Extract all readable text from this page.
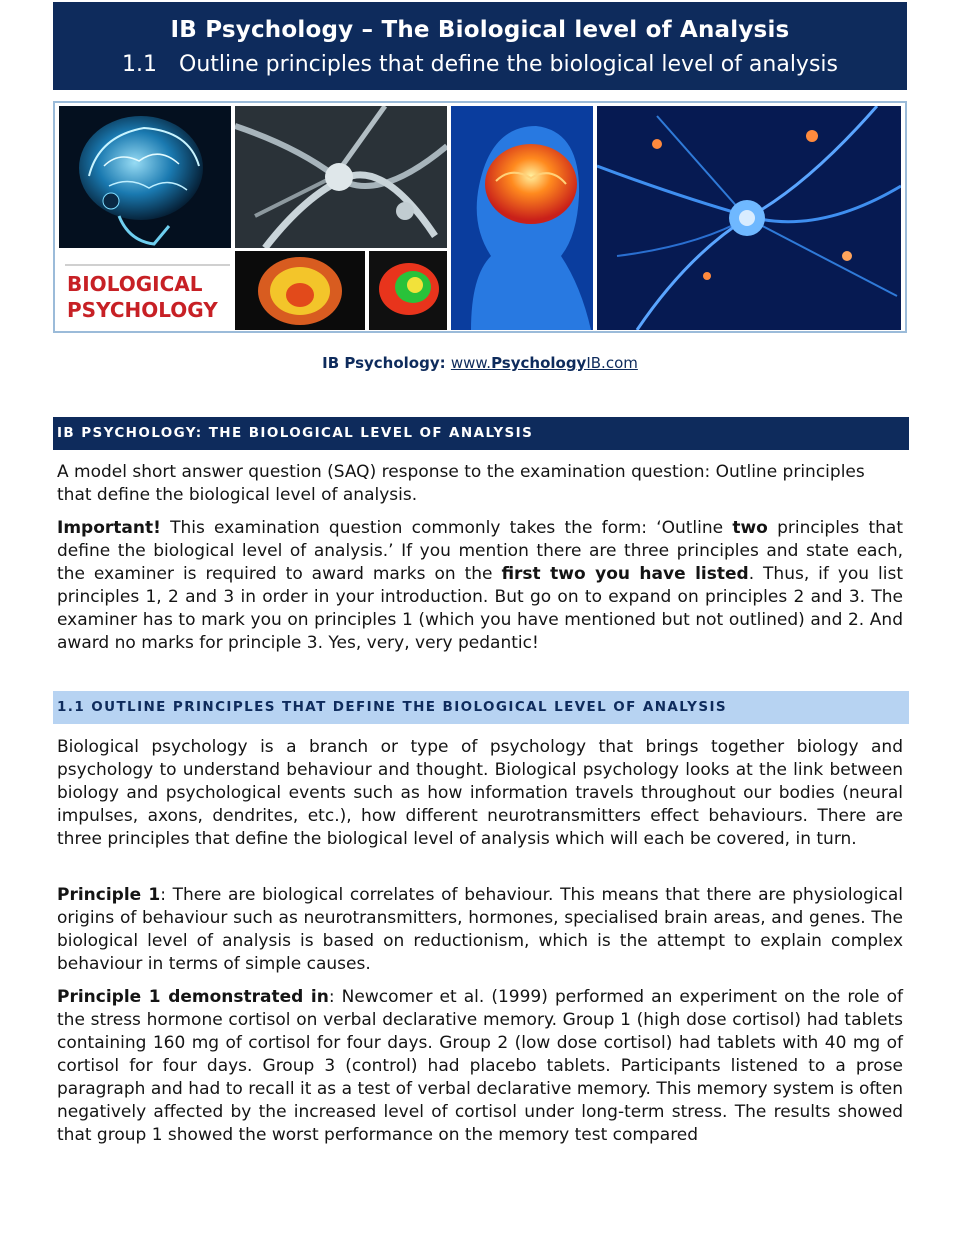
IB Psychology – The Biological level of Analysis
1.1 Outline principles that define the biological level of analysis
BIOLOGICAL
PSYCHOLOGY
IB Psychology: www.PsychologyIB.com
IB PSYCHOLOGY: THE BIOLOGICAL LEVEL OF ANALYSIS
A model short answer question (SAQ) response to the examination question: Outline principles that define the biological level of analysis.
Important! This examination question commonly takes the form: ‘Outline two principles that define the biological level of analysis.’ If you mention there are three principles and state each, the examiner is required to award marks on the first two you have listed. Thus, if you list principles 1, 2 and 3 in order in your introduction. But go on to expand on principles 2 and 3. The examiner has to mark you on principles 1 (which you have mentioned but not outlined) and 2. And award no marks for principle 3. Yes, very, very pedantic!
1.1 OUTLINE PRINCIPLES THAT DEFINE THE BIOLOGICAL LEVEL OF ANALYSIS
Biological psychology is a branch or type of psychology that brings together biology and psychology to understand behaviour and thought. Biological psychology looks at the link between biology and psychological events such as how information travels throughout our bodies (neural impulses, axons, dendrites, etc.), how different neurotransmitters effect behaviours. There are three principles that define the biological level of analysis which will each be covered, in turn.
Principle 1: There are biological correlates of behaviour. This means that there are physiological origins of behaviour such as neurotransmitters, hormones, specialised brain areas, and genes. The biological level of analysis is based on reductionism, which is the attempt to explain complex behaviour in terms of simple causes.
Principle 1 demonstrated in: Newcomer et al. (1999) performed an experiment on the role of the stress hormone cortisol on verbal declarative memory. Group 1 (high dose cortisol) had tablets containing 160 mg of cortisol for four days. Group 2 (low dose cortisol) had tablets with 40 mg of cortisol for four days. Group 3 (control) had placebo tablets. Participants listened to a prose paragraph and had to recall it as a test of verbal declarative memory. This memory system is often negatively affected by the increased level of cortisol under long-term stress. The results showed that group 1 showed the worst performance on the memory test compared
